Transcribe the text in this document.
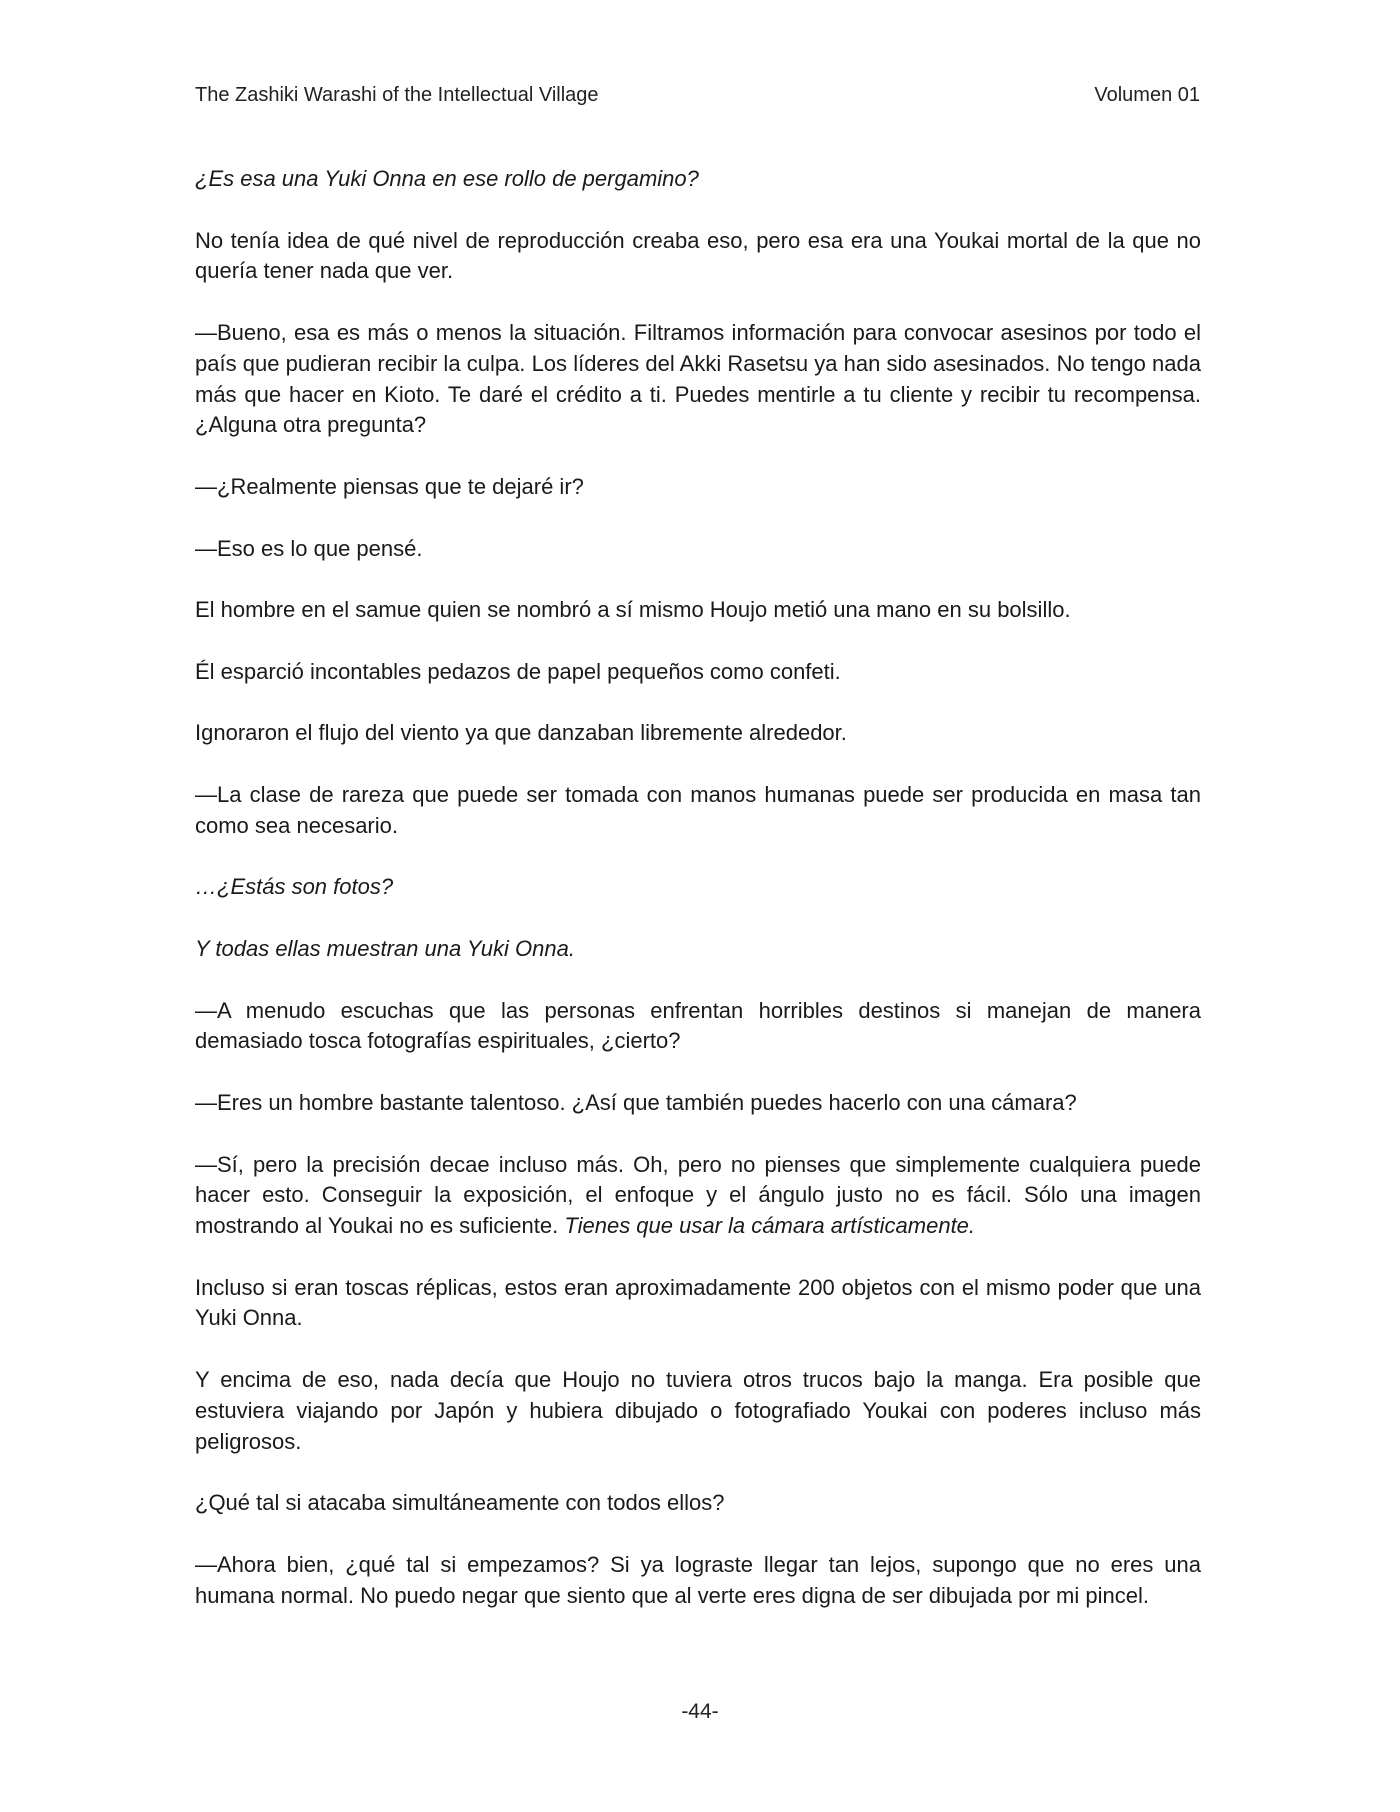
The Zashiki Warashi of the Intellectual Village	Volumen 01

¿Es esa una Yuki Onna en ese rollo de pergamino?

No tenía idea de qué nivel de reproducción creaba eso, pero esa era una Youkai mortal de la que no quería tener nada que ver.

—Bueno, esa es más o menos la situación. Filtramos información para convocar asesinos por todo el país que pudieran recibir la culpa. Los líderes del Akki Rasetsu ya han sido asesinados. No tengo nada más que hacer en Kioto. Te daré el crédito a ti. Puedes mentirle a tu cliente y recibir tu recompensa. ¿Alguna otra pregunta?

—¿Realmente piensas que te dejaré ir?

—Eso es lo que pensé.

El hombre en el samue quien se nombró a sí mismo Houjo metió una mano en su bolsillo.

Él esparció incontables pedazos de papel pequeños como confeti.

Ignoraron el flujo del viento ya que danzaban libremente alrededor.

—La clase de rareza que puede ser tomada con manos humanas puede ser producida en masa tan como sea necesario.

…¿Estás son fotos?

Y todas ellas muestran una Yuki Onna.

—A menudo escuchas que las personas enfrentan horribles destinos si manejan de manera demasiado tosca fotografías espirituales, ¿cierto?

—Eres un hombre bastante talentoso. ¿Así que también puedes hacerlo con una cámara?

—Sí, pero la precisión decae incluso más. Oh, pero no pienses que simplemente cualquiera puede hacer esto. Conseguir la exposición, el enfoque y el ángulo justo no es fácil. Sólo una imagen mostrando al Youkai no es suficiente. Tienes que usar la cámara artísticamente.

Incluso si eran toscas réplicas, estos eran aproximadamente 200 objetos con el mismo poder que una Yuki Onna.

Y encima de eso, nada decía que Houjo no tuviera otros trucos bajo la manga. Era posible que estuviera viajando por Japón y hubiera dibujado o fotografiado Youkai con poderes incluso más peligrosos.

¿Qué tal si atacaba simultáneamente con todos ellos?

—Ahora bien, ¿qué tal si empezamos? Si ya lograste llegar tan lejos, supongo que no eres una humana normal. No puedo negar que siento que al verte eres digna de ser dibujada por mi pincel.

-44-
